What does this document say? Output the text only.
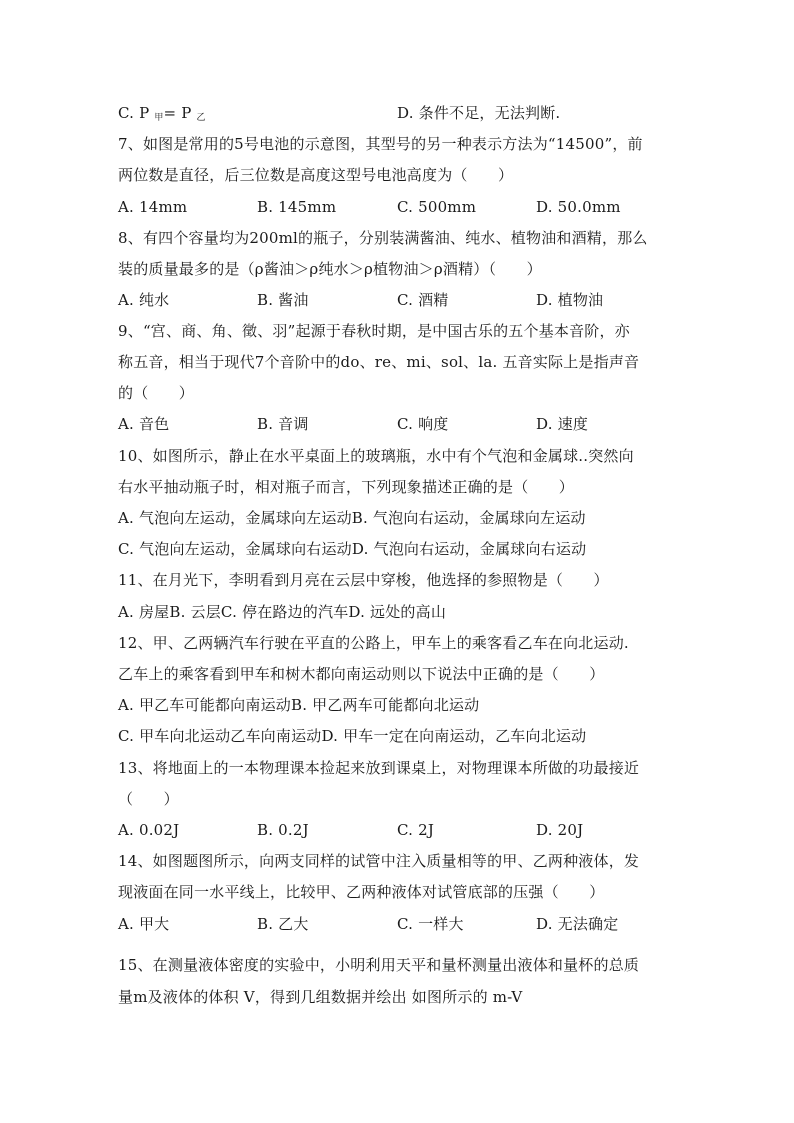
C. P $_甲$= P $_乙$	D. 条件不足，无法判断.
7、如图是常用的5号电池的示意图，其型号的另一种表示方法为“14500”，前
两位数是直径，后三位数是高度这型号电池高度为（　　）
A. 14mm	B. 145mm	C. 500mm	D. 50.0mm
8、有四个容量均为200ml的瓶子，分别装满酱油、纯水、植物油和酒精，那么
装的质量最多的是（ρ酱油＞ρ纯水＞ρ植物油＞ρ酒精）（　　）
A. 纯水	B. 酱油	C. 酒精	D. 植物油
9、“宫、商、角、徵、羽”起源于春秋时期，是中国古乐的五个基本音阶，亦
称五音，相当于现代7个音阶中的do、re、mi、sol、la. 五音实际上是指声音
的（　　）
A. 音色	B. 音调	C. 响度	D. 速度
10、如图所示，静止在水平桌面上的玻璃瓶，水中有个气泡和金属球..突然向
右水平抽动瓶子时，相对瓶子而言，下列现象描述正确的是（　　）
A. 气泡向左运动，金属球向左运动B. 气泡向右运动，金属球向左运动
C. 气泡向左运动，金属球向右运动D. 气泡向右运动，金属球向右运动
11、在月光下，李明看到月亮在云层中穿梭，他选择的参照物是（　　）
A. 房屋B. 云层C. 停在路边的汽车D. 远处的高山
12、甲、乙两辆汽车行驶在平直的公路上，甲车上的乘客看乙车在向北运动.
乙车上的乘客看到甲车和树木都向南运动则以下说法中正确的是（　　）
A. 甲乙车可能都向南运动B. 甲乙两车可能都向北运动
C. 甲车向北运动乙车向南运动D. 甲车一定在向南运动，乙车向北运动
13、将地面上的一本物理课本捡起来放到课桌上，对物理课本所做的功最接近
（　　）
A. 0.02J	B. 0.2J	C. 2J	D. 20J
14、如图题图所示，向两支同样的试管中注入质量相等的甲、乙两种液体，发
现液面在同一水平线上，比较甲、乙两种液体对试管底部的压强（　　）
A. 甲大	B. 乙大	C. 一样大	D. 无法确定
15、在测量液体密度的实验中，小明利用天平和量杯测量出液体和量杯的总质
量m及液体的体积 V，得到几组数据并绘出 如图所示的 m-V
